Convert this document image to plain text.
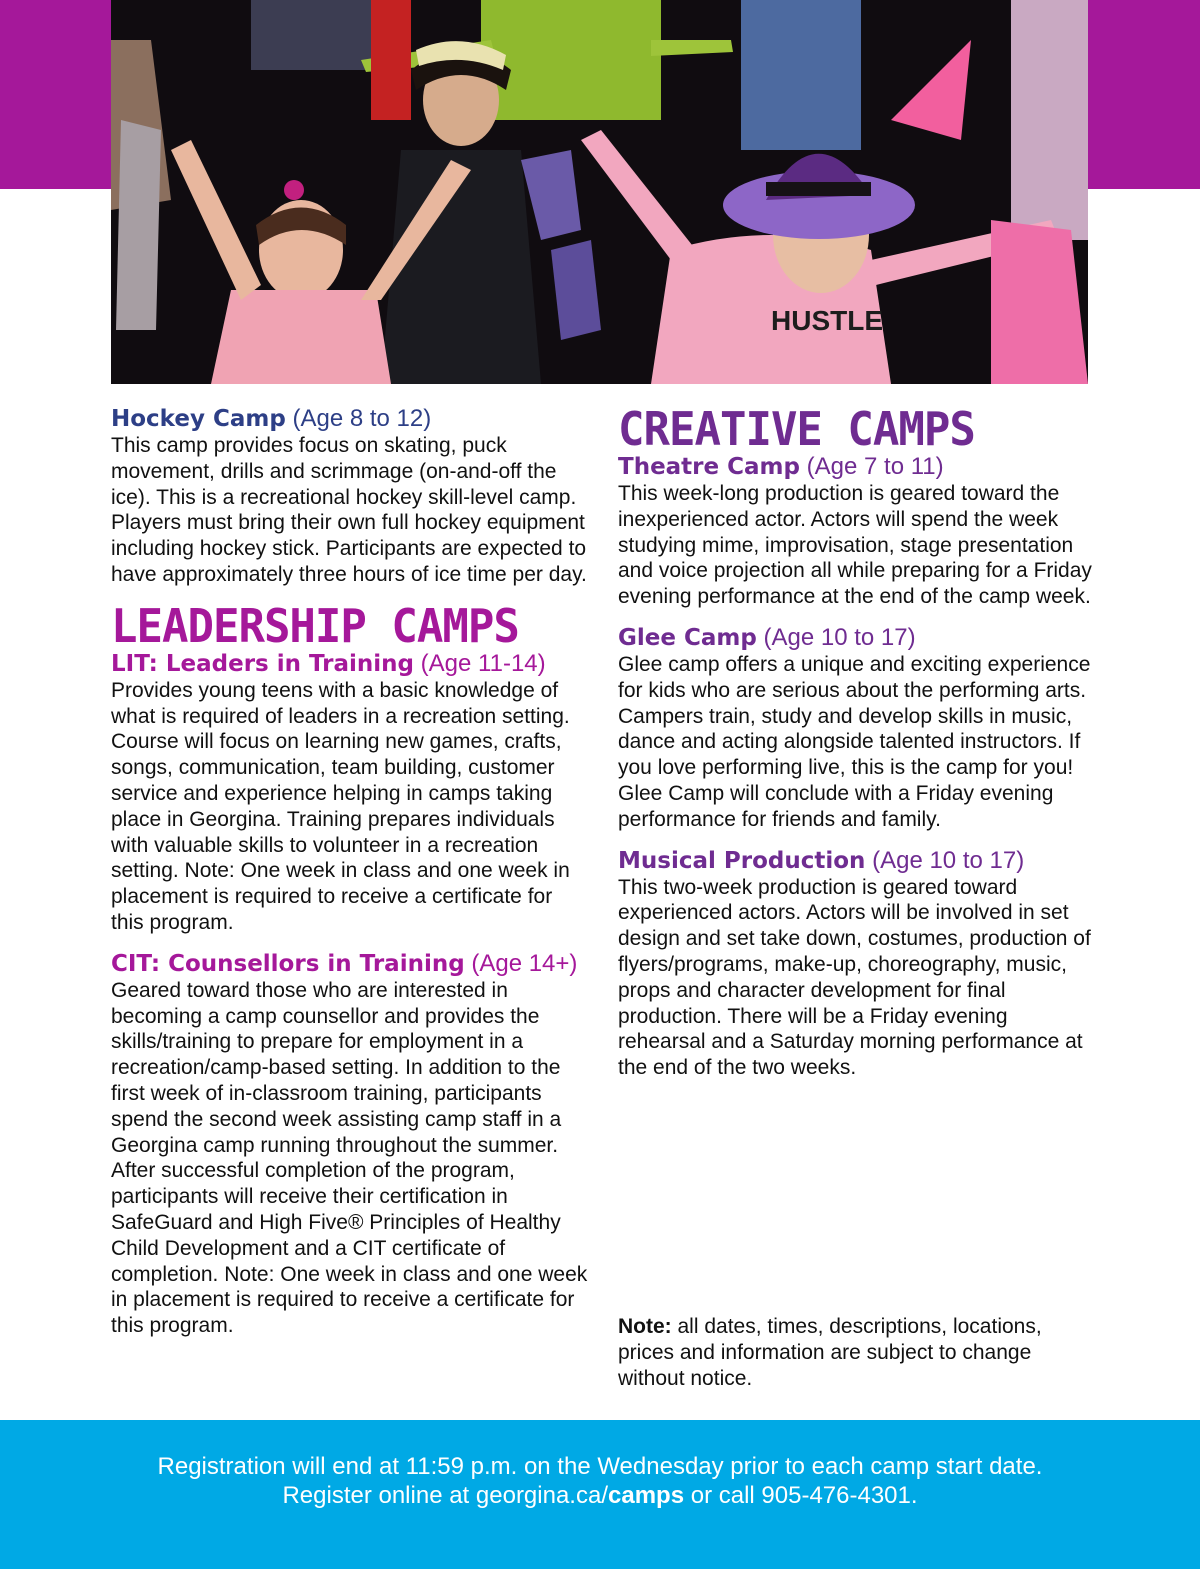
HUSTLE
Hockey Camp (Age 8 to 12)

This camp provides focus on skating, puck movement, drills and scrimmage (on-and-off the ice). This is a recreational hockey skill-level camp. Players must bring their own full hockey equipment including hockey stick. Participants are expected to have approximately three hours of ice time per day.

LEADERSHIP CAMPS
LIT: Leaders in Training (Age 11-14)

Provides young teens with a basic knowledge of what is required of leaders in a recreation setting. Course will focus on learning new games, crafts, songs, communication, team building, customer service and experience helping in camps taking place in Georgina. Training prepares individuals with valuable skills to volunteer in a recreation setting. Note: One week in class and one week in placement is required to receive a certificate for this program.

CIT: Counsellors in Training (Age 14+)

Geared toward those who are interested in becoming a camp counsellor and provides the skills/training to prepare for employment in a recreation/camp-based setting. In addition to the first week of in-classroom training, participants spend the second week assisting camp staff in a Georgina camp running throughout the summer. After successful completion of the program, participants will receive their certification in SafeGuard and High Five® Principles of Healthy Child Development and a CIT certificate of completion. Note: One week in class and one week in placement is required to receive a certificate for this program.

CREATIVE CAMPS
Theatre Camp (Age 7 to 11)

This week-long production is geared toward the inexperienced actor. Actors will spend the week studying mime, improvisation, stage presentation and voice projection all while preparing for a Friday evening performance at the end of the camp week.

Glee Camp (Age 10 to 17)

Glee camp offers a unique and exciting experience for kids who are serious about the performing arts. Campers train, study and develop skills in music, dance and acting alongside talented instructors. If you love performing live, this is the camp for you! Glee Camp will conclude with a Friday evening performance for friends and family.

Musical Production (Age 10 to 17)

This two-week production is geared toward experienced actors. Actors will be involved in set design and set take down, costumes, production of flyers/programs, make-up, choreography, music, props and character development for final production. There will be a Friday evening rehearsal and a Saturday morning performance at the end of the two weeks.

Note: all dates, times, descriptions, locations, prices and information are subject to change without notice.

Registration will end at 11:59 p.m. on the Wednesday prior to each camp start date.
Register online at georgina.ca/camps or call 905-476-4301.
